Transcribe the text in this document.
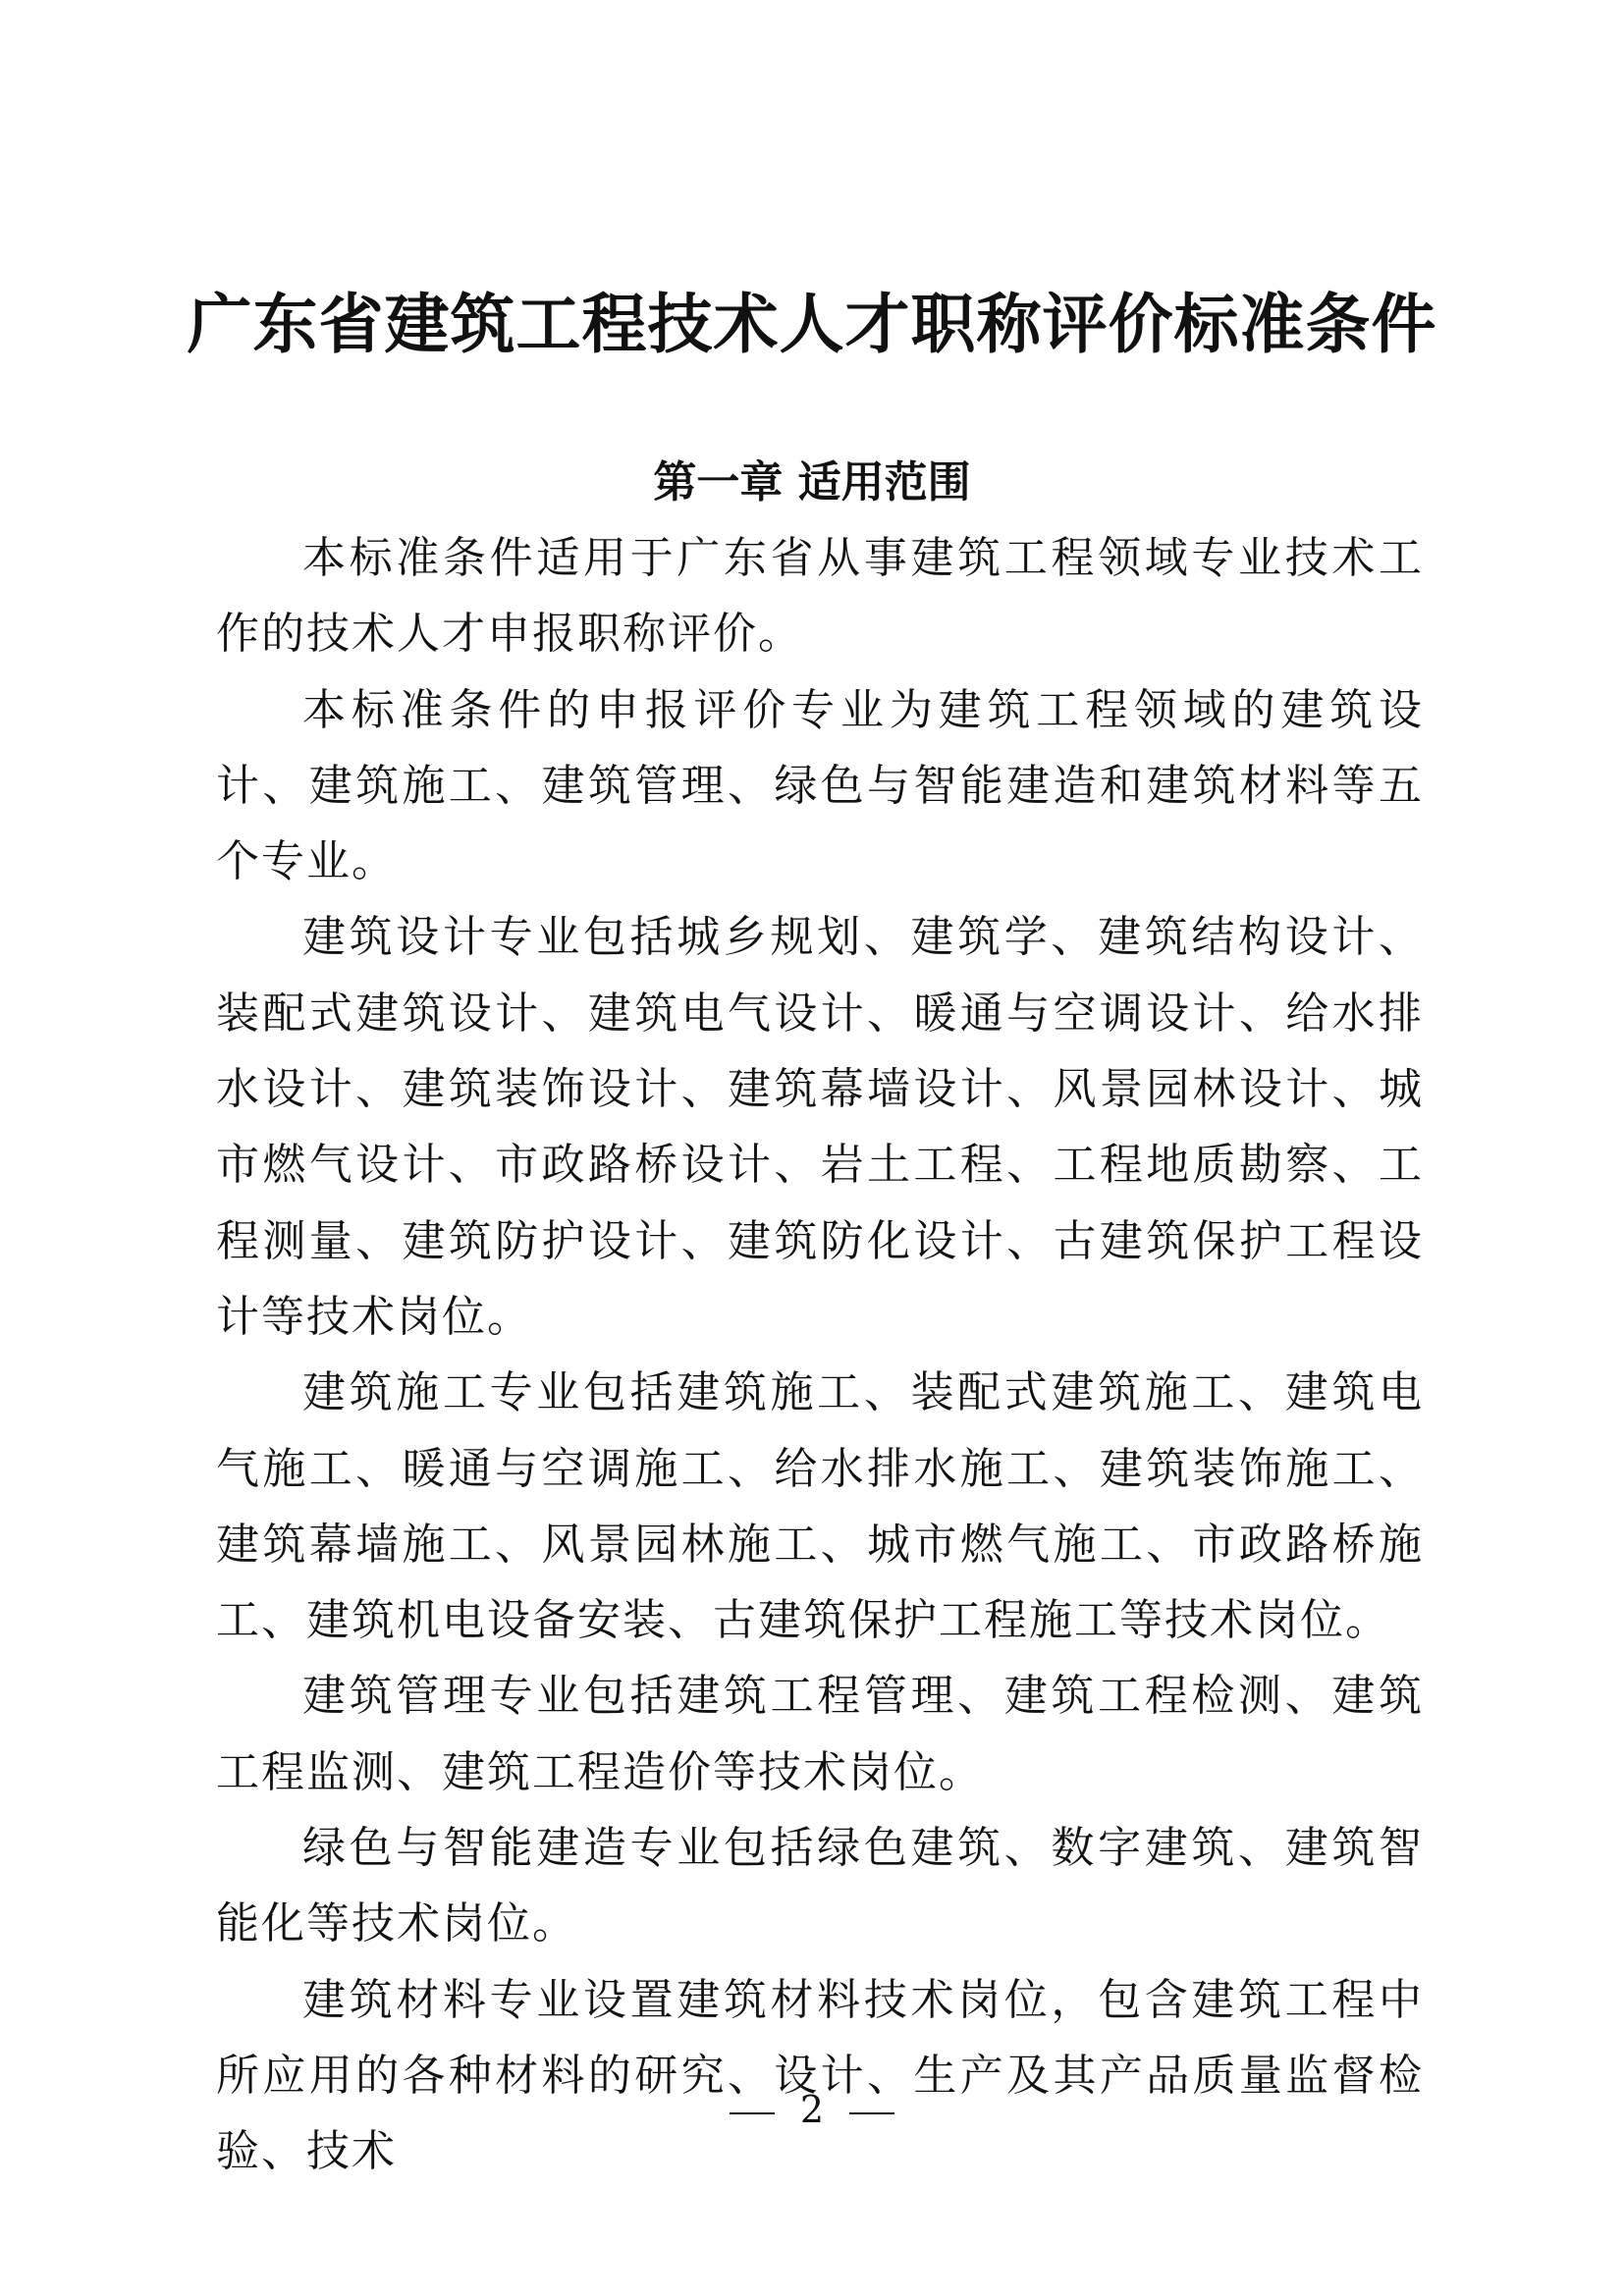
广东省建筑工程技术人才职称评价标准条件
第一章 适用范围

本标准条件适用于广东省从事建筑工程领域专业技术工作的技术人才申报职称评价。

本标准条件的申报评价专业为建筑工程领域的建筑设计、建筑施工、建筑管理、绿色与智能建造和建筑材料等五个专业。

建筑设计专业包括城乡规划、建筑学、建筑结构设计、装配式建筑设计、建筑电气设计、暖通与空调设计、给水排水设计、建筑装饰设计、建筑幕墙设计、风景园林设计、城市燃气设计、市政路桥设计、岩土工程、工程地质勘察、工程测量、建筑防护设计、建筑防化设计、古建筑保护工程设计等技术岗位。

建筑施工专业包括建筑施工、装配式建筑施工、建筑电气施工、暖通与空调施工、给水排水施工、建筑装饰施工、建筑幕墙施工、风景园林施工、城市燃气施工、市政路桥施工、建筑机电设备安装、古建筑保护工程施工等技术岗位。

建筑管理专业包括建筑工程管理、建筑工程检测、建筑工程监测、建筑工程造价等技术岗位。

绿色与智能建造专业包括绿色建筑、数字建筑、建筑智能化等技术岗位。

建筑材料专业设置建筑材料技术岗位，包含建筑工程中所应用的各种材料的研究、设计、生产及其产品质量监督检验、技术

2
